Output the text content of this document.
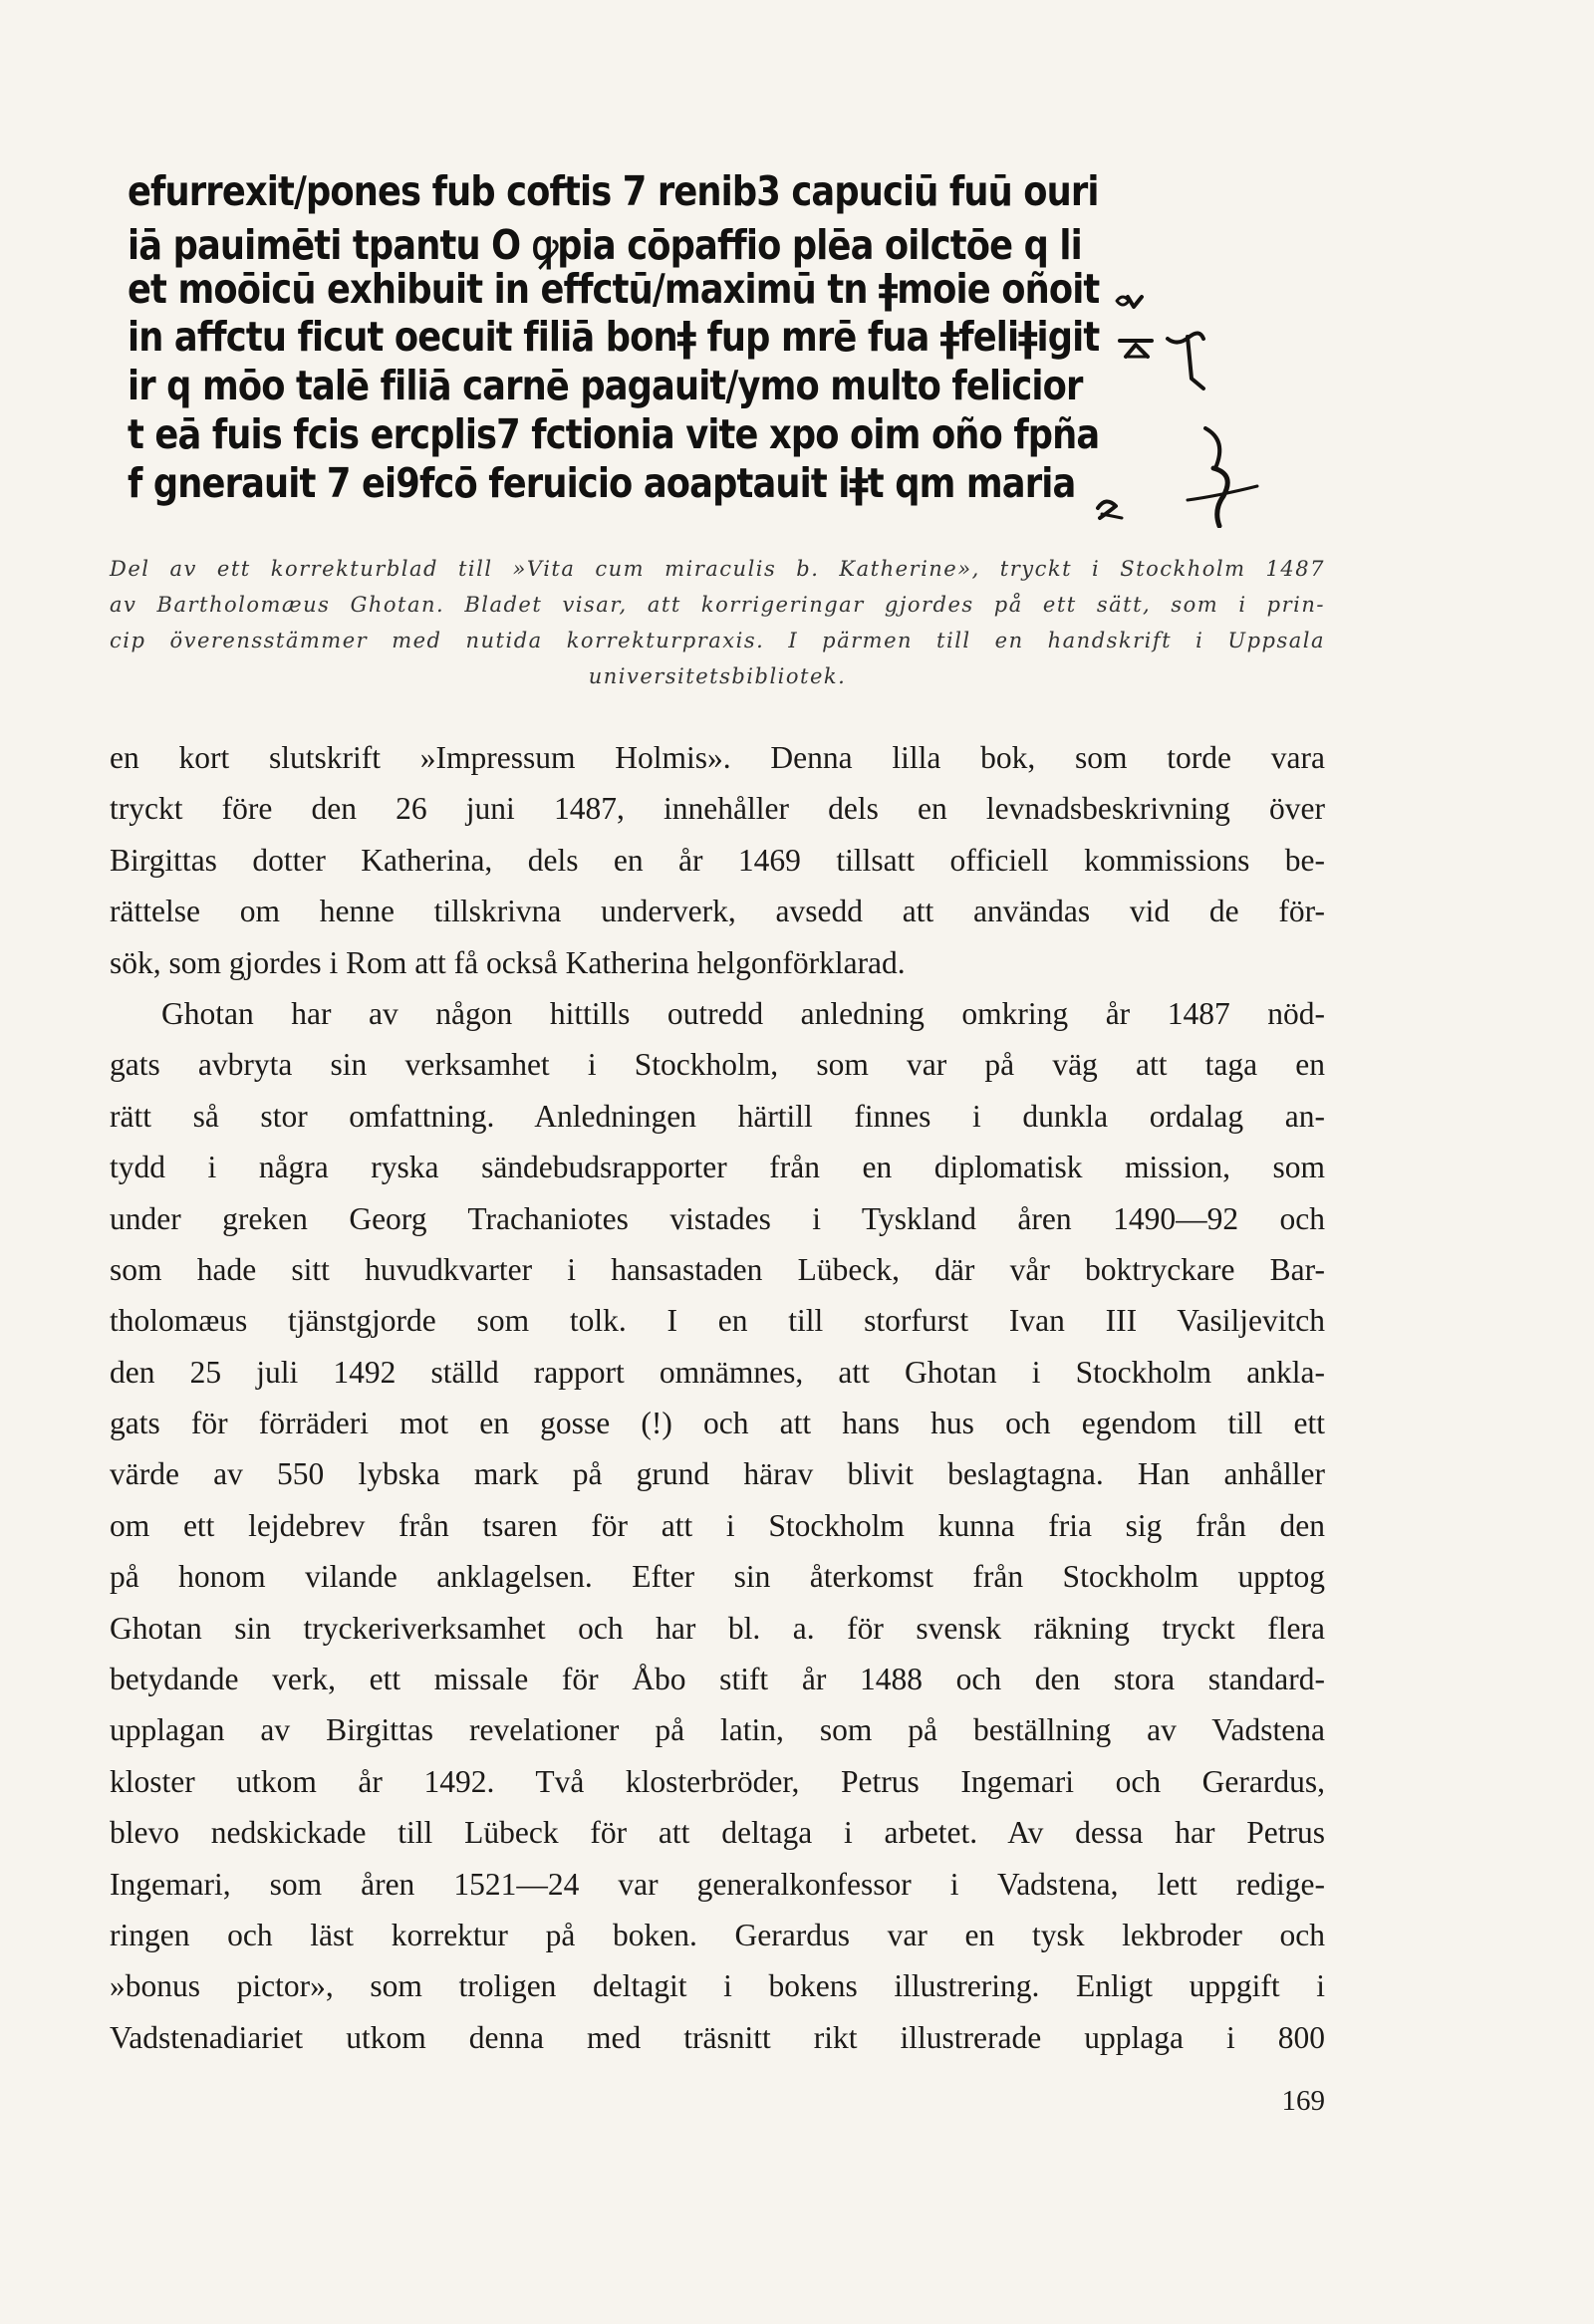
efurrexit/pones fub coftis 7 renib3 capuciū fuū ouri
iā pauimēti tpantu O ꝙpia cōpaffio plēa oilctōe q li
et moōicū exhibuit in effctū/maximū tn ǂmoie oñoit
in affctu ficut oecuit filiā bonǂ fup mrē fua ǂfeliǂigit
ir q mōo talē filiā carnē pagauit/ymo multo felicior
t eā fuis fcis ercplis7 fctionia vite xpo oim oño fpña
f gnerauit 7 ei9fcō feruicio aoaptauit iǂt qm maria
Del av ett korrekturblad till »Vita cum miraculis b. Katherine», tryckt i Stockholm 1487
av Bartholomæus Ghotan. Bladet visar, att korrigeringar gjordes på ett sätt, som i prin-
cip överensstämmer med nutida korrekturpraxis. I pärmen till en handskrift i Uppsala
universitetsbibliotek.
en kort slutskrift »Impressum Holmis». Denna lilla bok, som torde vara
tryckt före den 26 juni 1487, innehåller dels en levnadsbeskrivning över
Birgittas dotter Katherina, dels en år 1469 tillsatt officiell kommissions be-
rättelse om henne tillskrivna underverk, avsedd att användas vid de för-
sök, som gjordes i Rom att få också Katherina helgonförklarad.
Ghotan har av någon hittills outredd anledning omkring år 1487 nöd-
gats avbryta sin verksamhet i Stockholm, som var på väg att taga en
rätt så stor omfattning. Anledningen härtill finnes i dunkla ordalag an-
tydd i några ryska sändebudsrapporter från en diplomatisk mission, som
under greken Georg Trachaniotes vistades i Tyskland åren 1490—92 och
som hade sitt huvudkvarter i hansastaden Lübeck, där vår boktryckare Bar-
tholomæus tjänstgjorde som tolk. I en till storfurst Ivan III Vasiljevitch
den 25 juli 1492 ställd rapport omnämnes, att Ghotan i Stockholm ankla-
gats för förräderi mot en gosse (!) och att hans hus och egendom till ett
värde av 550 lybska mark på grund härav blivit beslagtagna. Han anhåller
om ett lejdebrev från tsaren för att i Stockholm kunna fria sig från den
på honom vilande anklagelsen. Efter sin återkomst från Stockholm upptog
Ghotan sin tryckeriverksamhet och har bl. a. för svensk räkning tryckt flera
betydande verk, ett missale för Åbo stift år 1488 och den stora standard-
upplagan av Birgittas revelationer på latin, som på beställning av Vadstena
kloster utkom år 1492. Två klosterbröder, Petrus Ingemari och Gerardus,
blevo nedskickade till Lübeck för att deltaga i arbetet. Av dessa har Petrus
Ingemari, som åren 1521—24 var generalkonfessor i Vadstena, lett redige-
ringen och läst korrektur på boken. Gerardus var en tysk lekbroder och
»bonus pictor», som troligen deltagit i bokens illustrering. Enligt uppgift i
Vadstenadiariet utkom denna med träsnitt rikt illustrerade upplaga i 800
169
